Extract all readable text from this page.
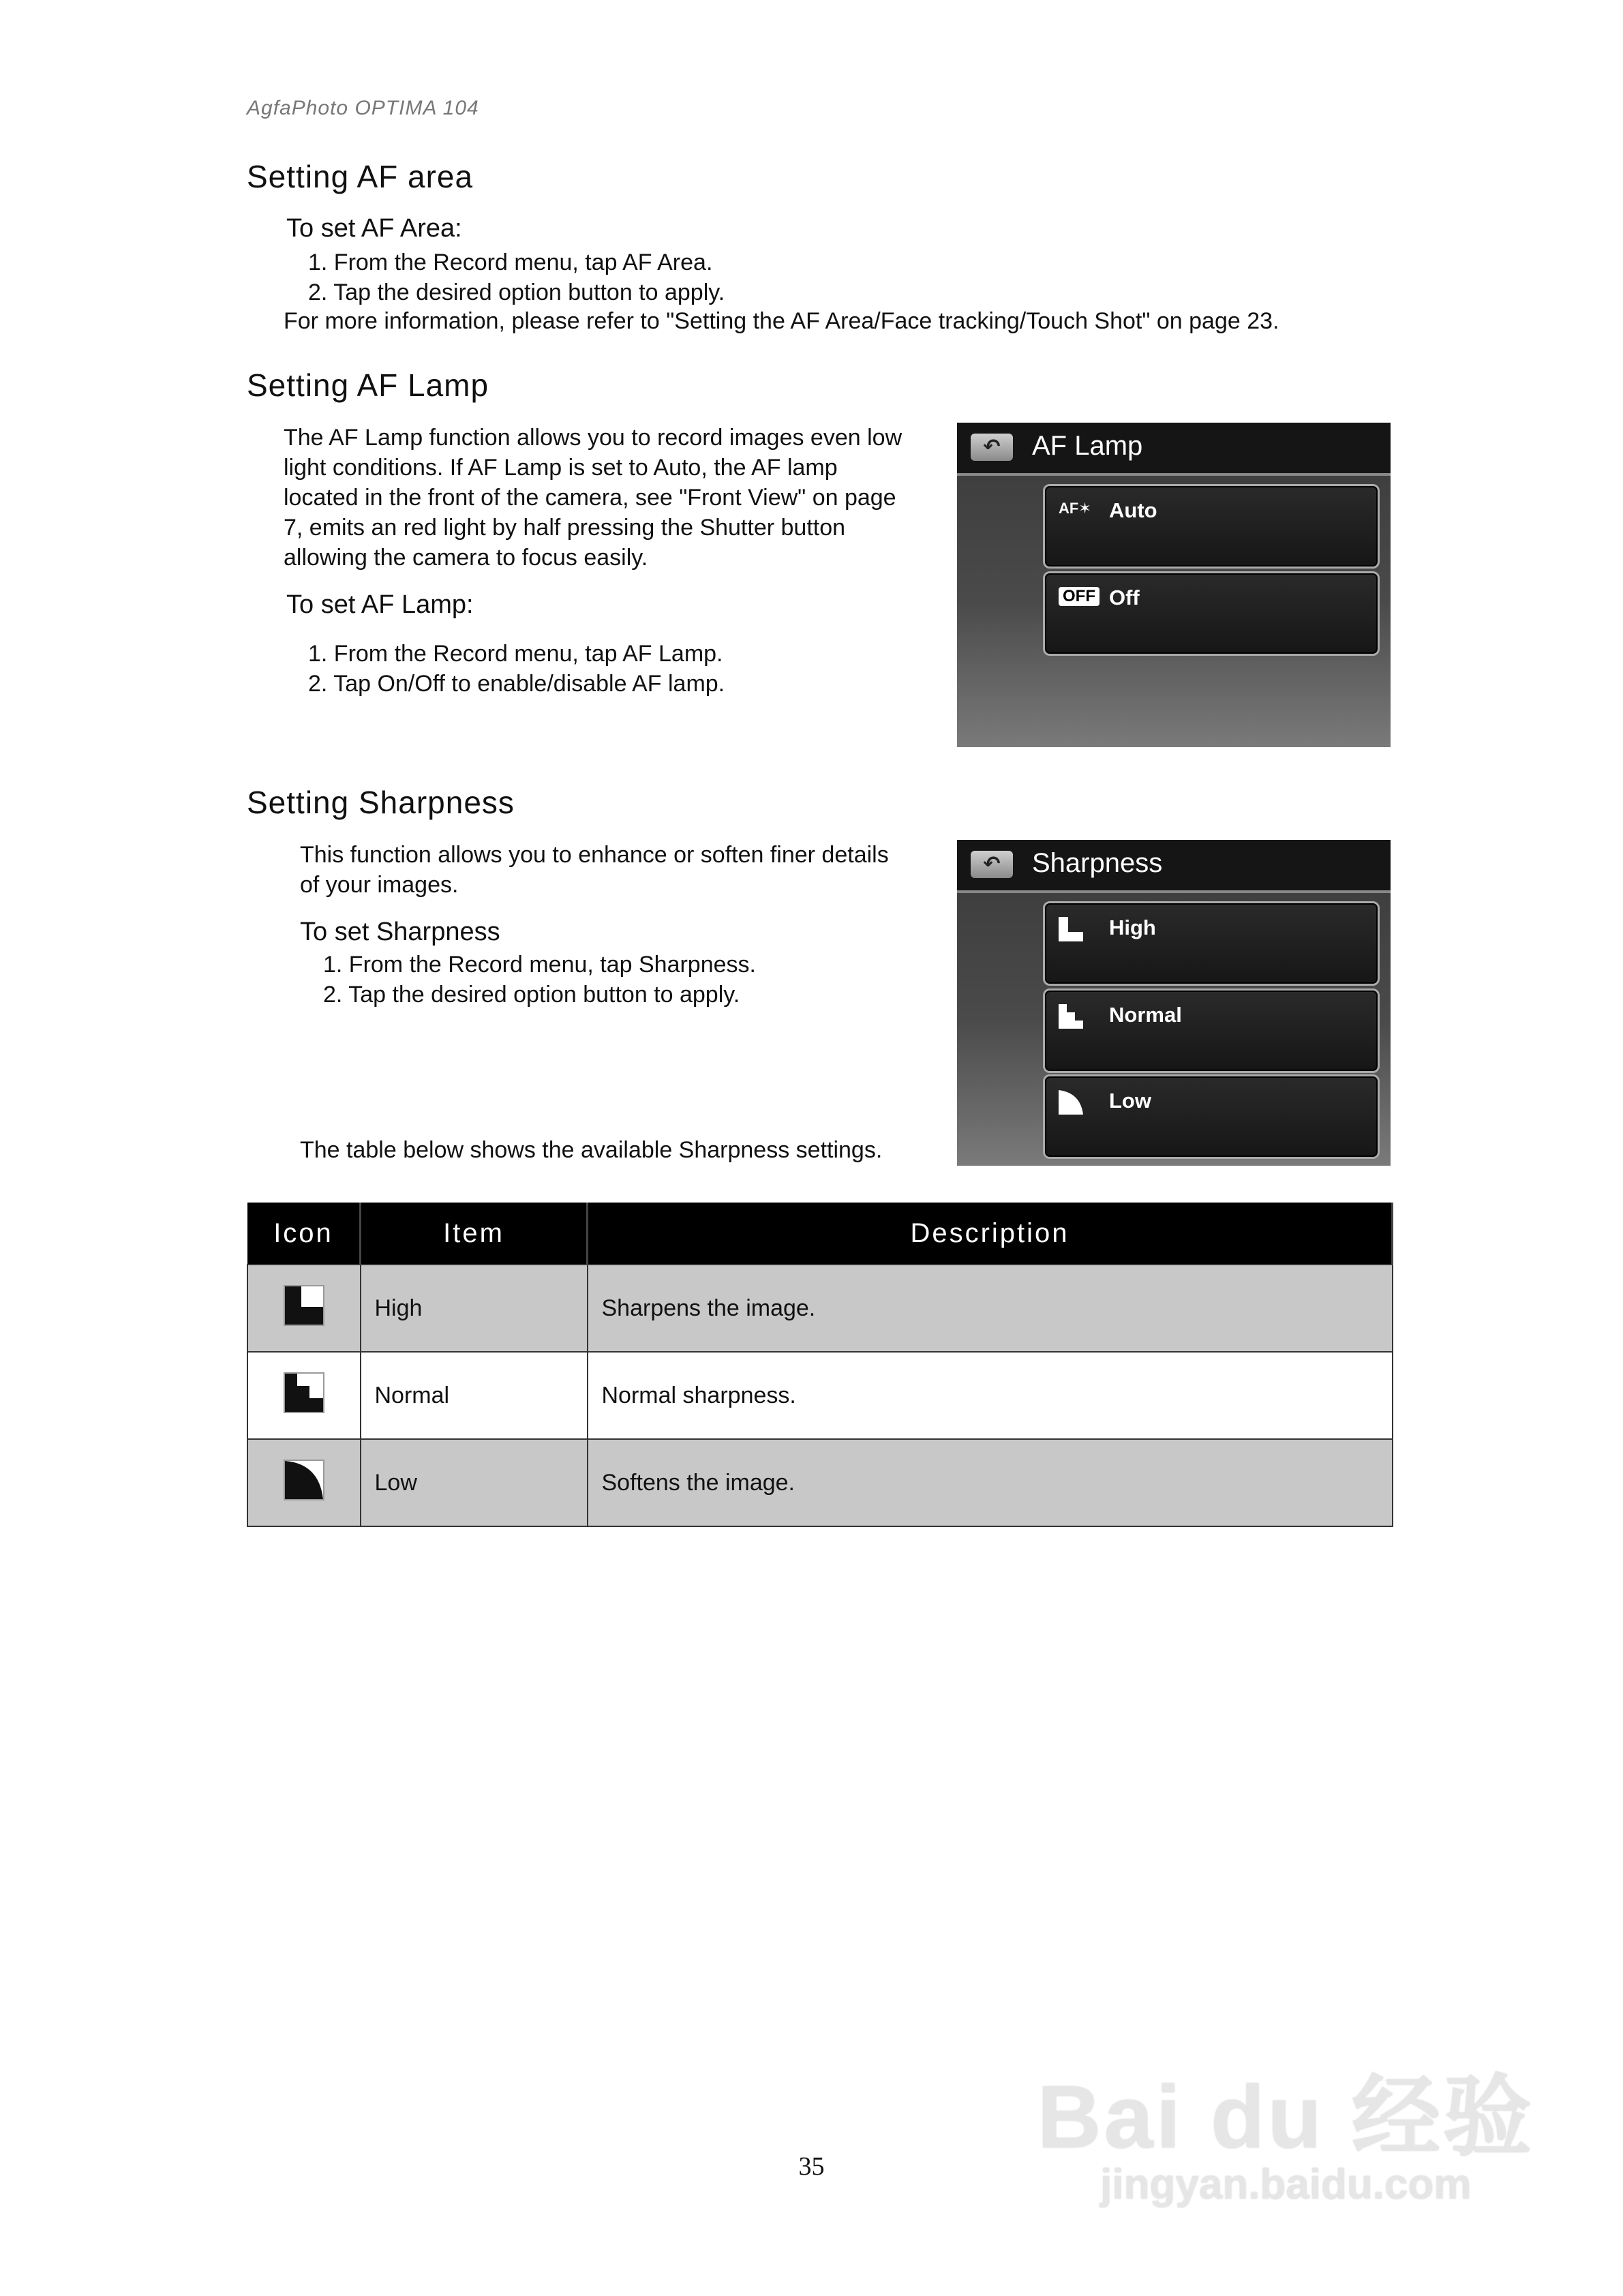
AgfaPhoto OPTIMA 104
Setting AF area
To set AF Area:
1. From the Record menu, tap AF Area.
2. Tap the desired option button to apply.
For more information, please refer to "Setting the AF Area/Face tracking/Touch Shot" on page 23.
Setting AF Lamp
The AF Lamp function allows you to record images even low
light conditions. If AF Lamp is set to Auto, the AF lamp
located in the front of the camera, see "Front View" on page
7, emits an red light by half pressing the Shutter button
allowing the camera to focus easily.
To set AF Lamp:
1. From the Record menu, tap AF Lamp.
2. Tap On/Off to enable/disable AF lamp.
↶	AF Lamp
AF✶ Auto
OFF Off
Setting Sharpness
This function allows you to enhance or soften finer details
of your images.
To set Sharpness
1. From the Record menu, tap Sharpness.
2. Tap the desired option button to apply.
The table below shows the available Sharpness settings.
↶	Sharpness
High
Normal
Low
Icon	Item	Description
	High	Sharpens the image.
	Normal	Normal sharpness.
	Low	Softens the image.
35	Bai du 经验
jingyan.baidu.com
